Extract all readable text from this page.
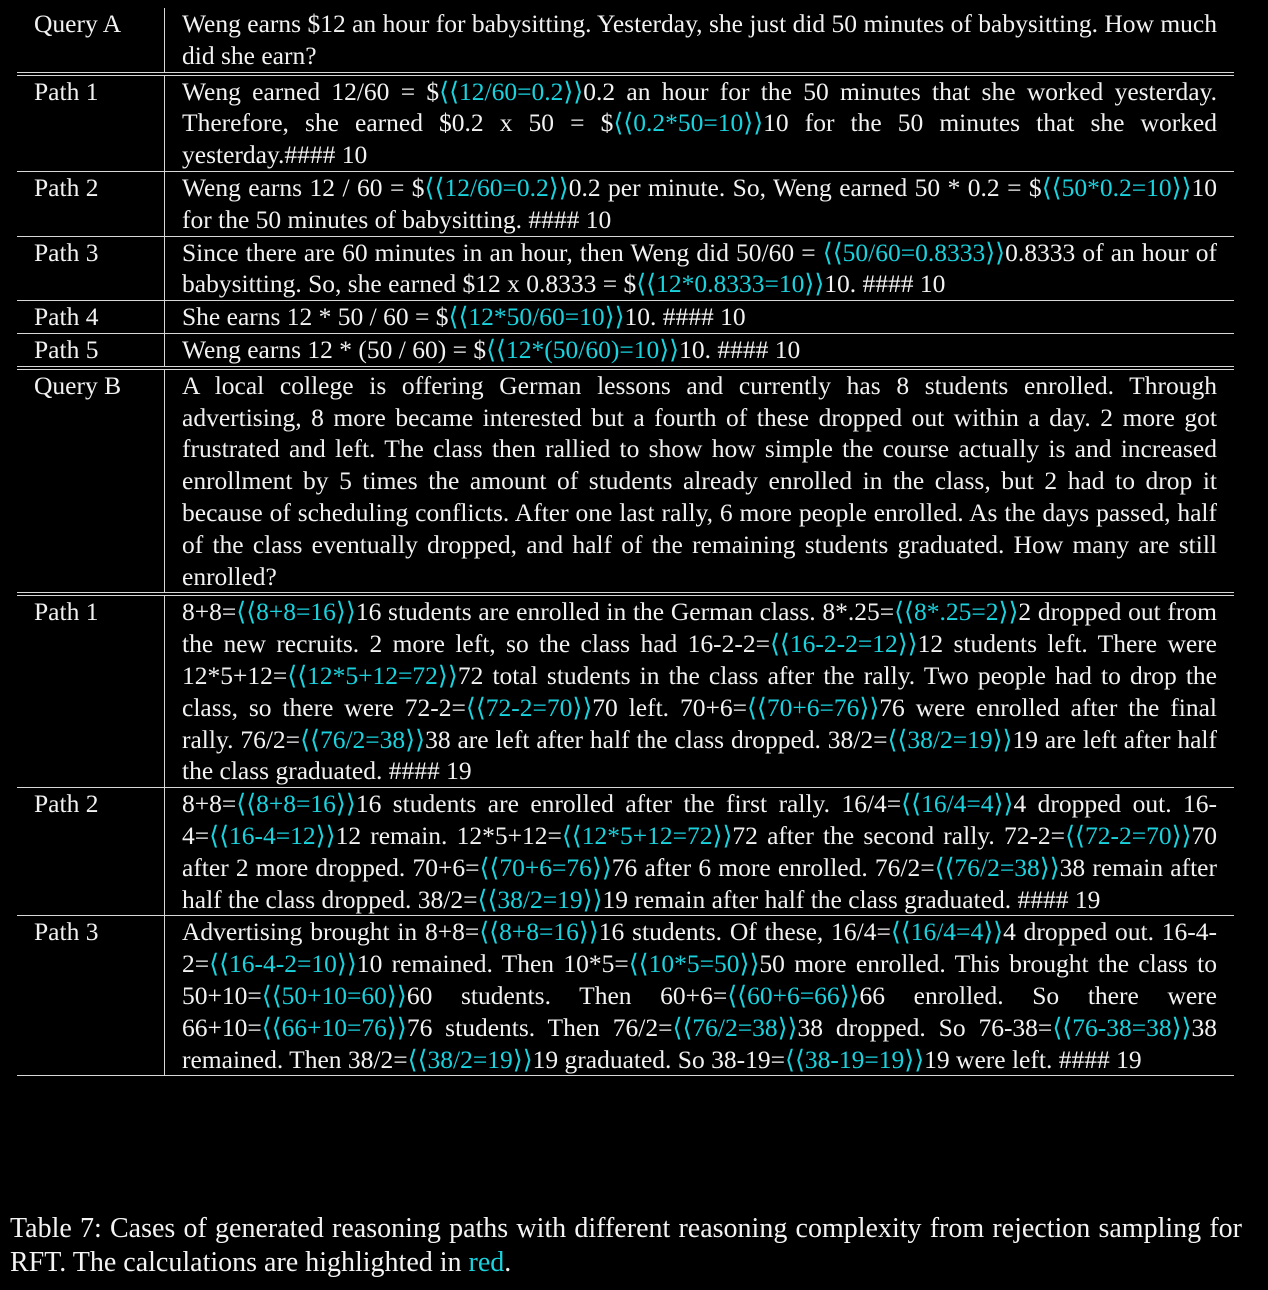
Query A	Weng earns $12 an hour for babysitting. Yesterday, she just did 50 minutes of babysitting. How much did she earn?
Path 1	Weng earned 12/60 = $⟨⟨12/60=0.2⟩⟩0.2 an hour for the 50 minutes that she worked yesterday. Therefore, she earned $0.2 x 50 = $⟨⟨0.2*50=10⟩⟩10 for the 50 minutes that she worked yesterday.#### 10
Path 2	Weng earns 12 / 60 = $⟨⟨12/60=0.2⟩⟩0.2 per minute. So, Weng earned 50 * 0.2 = $⟨⟨50*0.2=10⟩⟩10 for the 50 minutes of babysitting. #### 10
Path 3	Since there are 60 minutes in an hour, then Weng did 50/60 = ⟨⟨50/60=0.8333⟩⟩0.8333 of an hour of babysitting. So, she earned $12 x 0.8333 = $⟨⟨12*0.8333=10⟩⟩10. #### 10
Path 4	She earns 12 * 50 / 60 = $⟨⟨12*50/60=10⟩⟩10. #### 10
Path 5	Weng earns 12 * (50 / 60) = $⟨⟨12*(50/60)=10⟩⟩10. #### 10
Query B	A local college is offering German lessons and currently has 8 students enrolled. Through advertising, 8 more became interested but a fourth of these dropped out within a day. 2 more got frustrated and left. The class then rallied to show how simple the course actually is and increased enrollment by 5 times the amount of students already enrolled in the class, but 2 had to drop it because of scheduling conflicts. After one last rally, 6 more people enrolled. As the days passed, half of the class eventually dropped, and half of the remaining students graduated. How many are still enrolled?
Path 1	8+8=⟨⟨8+8=16⟩⟩16 students are enrolled in the German class. 8*.25=⟨⟨8*.25=2⟩⟩2 dropped out from the new recruits. 2 more left, so the class had 16-2-2=⟨⟨16-2-2=12⟩⟩12 students left. There were 12*5+12=⟨⟨12*5+12=72⟩⟩72 total students in the class after the rally. Two people had to drop the class, so there were 72-2=⟨⟨72-2=70⟩⟩70 left. 70+6=⟨⟨70+6=76⟩⟩76 were enrolled after the final rally. 76/2=⟨⟨76/2=38⟩⟩38 are left after half the class dropped. 38/2=⟨⟨38/2=19⟩⟩19 are left after half the class graduated. #### 19
Path 2	8+8=⟨⟨8+8=16⟩⟩16 students are enrolled after the first rally. 16/4=⟨⟨16/4=4⟩⟩4 dropped out. 16-4=⟨⟨16-4=12⟩⟩12 remain. 12*5+12=⟨⟨12*5+12=72⟩⟩72 after the second rally. 72-2=⟨⟨72-2=70⟩⟩70 after 2 more dropped. 70+6=⟨⟨70+6=76⟩⟩76 after 6 more enrolled. 76/2=⟨⟨76/2=38⟩⟩38 remain after half the class dropped. 38/2=⟨⟨38/2=19⟩⟩19 remain after half the class graduated. #### 19
Path 3	Advertising brought in 8+8=⟨⟨8+8=16⟩⟩16 students. Of these, 16/4=⟨⟨16/4=4⟩⟩4 dropped out. 16-4-2=⟨⟨16-4-2=10⟩⟩10 remained. Then 10*5=⟨⟨10*5=50⟩⟩50 more enrolled. This brought the class to 50+10=⟨⟨50+10=60⟩⟩60 students. Then 60+6=⟨⟨60+6=66⟩⟩66 enrolled. So there were 66+10=⟨⟨66+10=76⟩⟩76 students. Then 76/2=⟨⟨76/2=38⟩⟩38 dropped. So 76-38=⟨⟨76-38=38⟩⟩38 remained. Then 38/2=⟨⟨38/2=19⟩⟩19 graduated. So 38-19=⟨⟨38-19=19⟩⟩19 were left. #### 19
Table 7: Cases of generated reasoning paths with different reasoning complexity from rejection sampling for RFT. The calculations are highlighted in red.
